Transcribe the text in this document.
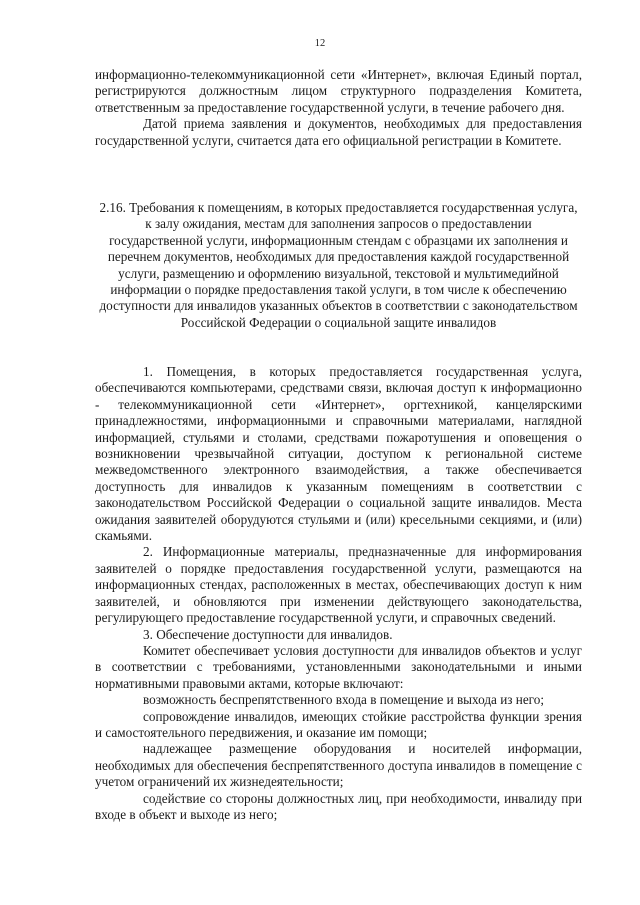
12

информационно-телекоммуникационной сети «Интернет», включая Единый портал, регистрируются должностным лицом структурного подразделения Комитета, ответственным за предоставление государственной услуги, в течение рабочего дня.

Датой приема заявления и документов, необходимых для предоставления государственной услуги, считается дата его официальной регистрации в Комитете.

2.16. Требования к помещениям, в которых предоставляется государственная услуга, к залу ожидания, местам для заполнения запросов о предоставлении государственной услуги, информационным стендам с образцами их заполнения и перечнем документов, необходимых для предоставления каждой государственной услуги, размещению и оформлению визуальной, текстовой и мультимедийной информации о порядке предоставления такой услуги, в том числе к обеспечению доступности для инвалидов указанных объектов в соответствии с законодательством Российской Федерации о социальной защите инвалидов

1. Помещения, в которых предоставляется государственная услуга, обеспечиваются компьютерами, средствами связи, включая доступ к информационно - телекоммуникационной сети «Интернет», оргтехникой, канцелярскими принадлежностями, информационными и справочными материалами, наглядной информацией, стульями и столами, средствами пожаротушения и оповещения о возникновении чрезвычайной ситуации, доступом к региональной системе межведомственного электронного взаимодействия, а также обеспечивается доступность для инвалидов к указанным помещениям в соответствии с законодательством Российской Федерации о социальной защите инвалидов. Места ожидания заявителей оборудуются стульями и (или) кресельными секциями, и (или) скамьями.

2. Информационные материалы, предназначенные для информирования заявителей о порядке предоставления государственной услуги, размещаются на информационных стендах, расположенных в местах, обеспечивающих доступ к ним заявителей, и обновляются при изменении действующего законодательства, регулирующего предоставление государственной услуги, и справочных сведений.

3. Обеспечение доступности для инвалидов.

Комитет обеспечивает условия доступности для инвалидов объектов и услуг в соответствии с требованиями, установленными законодательными и иными нормативными правовыми актами, которые включают:

возможность беспрепятственного входа в помещение и выхода из него;

сопровождение инвалидов, имеющих стойкие расстройства функции зрения и самостоятельного передвижения, и оказание им помощи;

надлежащее размещение оборудования и носителей информации, необходимых для обеспечения беспрепятственного доступа инвалидов в помещение с учетом ограничений их жизнедеятельности;

содействие со стороны должностных лиц, при необходимости, инвалиду при входе в объект и выходе из него;
